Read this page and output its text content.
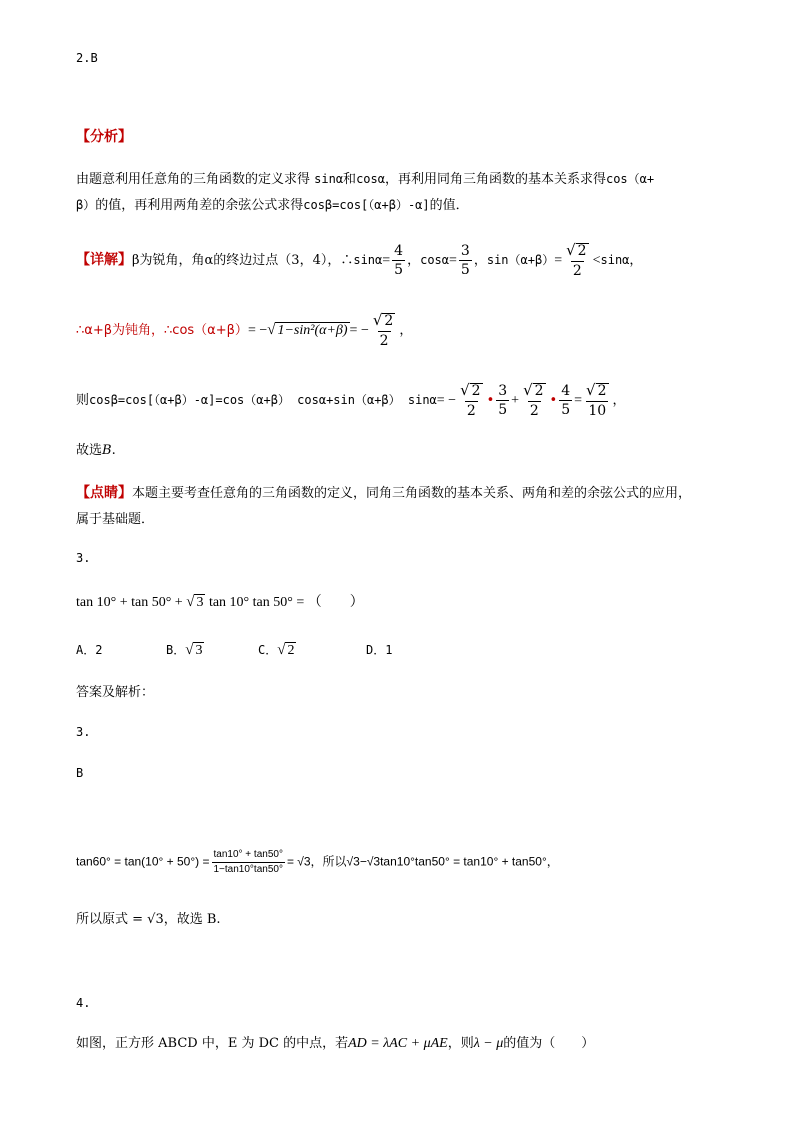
2.B
【分析】
由题意利用任意角的三角函数的定义求得 sinα和cosα，再利用同角三角函数的基本关系求得cos（α+
β）的值，再利用两角差的余弦公式求得cosβ=cos[（α+β）-α]的值．
【详解】β为锐角，角α的终边过点（3，4），∴sinα= $\frac{4}{5}$ ，$\cos\alpha= \frac{3}{5}$ ，$\sin(\alpha+\beta)= \frac{√ 2}{2} <\sin\alpha$，
∴α+β为钝角，∴cos（α+β）= −√ 1−sin²(α+β) = − $\frac{√ 2}{2}$ ，
则cosβ=cos[（α+β）-α]=cos（α+β） cosα+sin（α+β） $\sin\alpha= - \frac{√ 2}{2}$ • $\frac{3}{5} + \frac{√ 2}{2}$ • $\frac{4}{5} = \frac{√ 2}{10}$ ，
故选B.
【点睛】本题主要考查任意角的三角函数的定义，同角三角函数的基本关系、两角和差的余弦公式的应用，
属于基础题．
3.
tan 10° + tan 50° + √ 3 tan 10° tan 50° = （　　）
A．2	B．√ 3	C．√ 2	D．1
答案及解析：
3.
B
$\tan 60^\circ = \tan(10^\circ + 50^\circ) = \frac{\tan 10^\circ + \tan 50^\circ}{1-\tan 10^\circ\tan 50^\circ} = √3$，所以√3−√3tan10°tan50° = tan10° + tan50°，
所以原式 = √3，故选 B.
4.
如图，正方形 ABCD 中，E 为 DC 的中点，若AD = λAC + μAE，则λ − μ的值为（　　）
